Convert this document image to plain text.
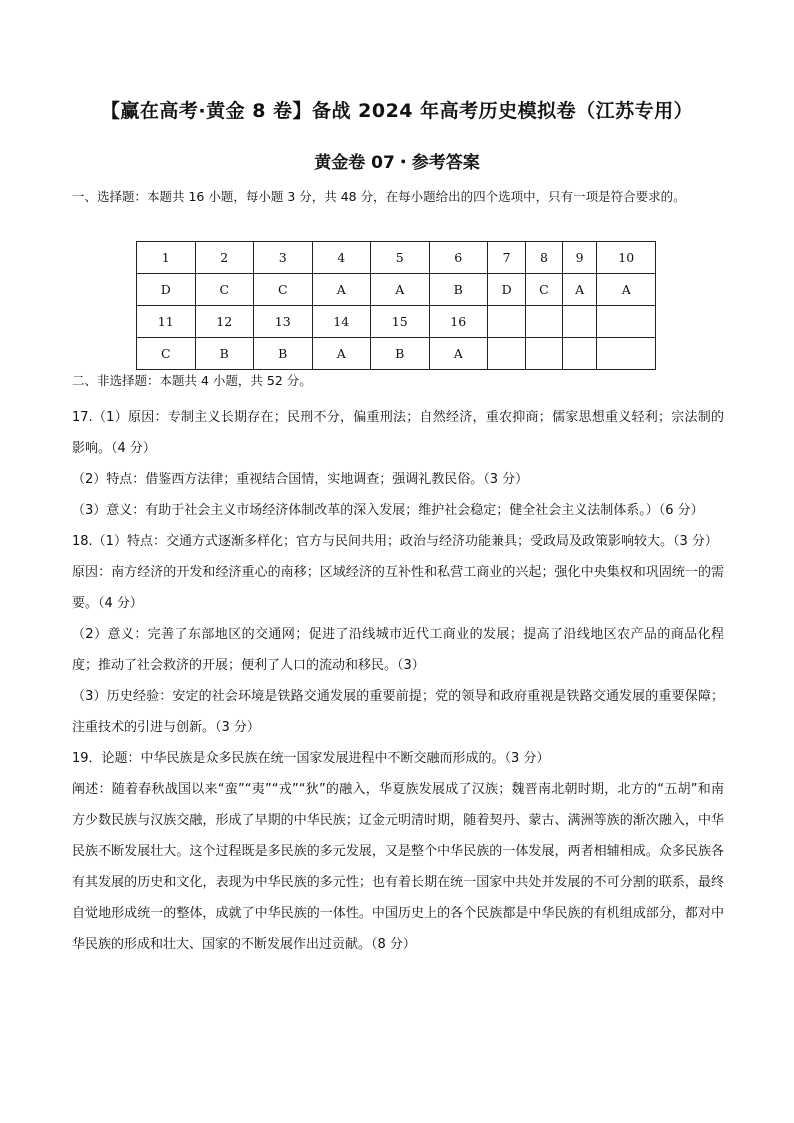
【赢在高考·黄金 8 卷】备战 2024 年高考历史模拟卷（江苏专用）
黄金卷 07・参考答案
一、选择题：本题共 16 小题，每小题 3 分，共 48 分，在每小题给出的四个选项中，只有一项是符合要求的。
1	2	3	4	5	6	7	8	9	10
D	C	C	A	A	B	D	C	A	A
11	12	13	14	15	16				
C	B	B	A	B	A				
二、非选择题：本题共 4 小题，共 52 分。

17.（1）原因：专制主义长期存在；民刑不分，偏重刑法；自然经济，重农抑商；儒家思想重义轻利；宗法制的影响。（4 分）

（2）特点：借鉴西方法律；重视结合国情，实地调查；强调礼教民俗。（3 分）

（3）意义：有助于社会主义市场经济体制改革的深入发展；维护社会稳定；健全社会主义法制体系。）（6 分）

18.（1）特点：交通方式逐渐多样化；官方与民间共用；政治与经济功能兼具；受政局及政策影响较大。（3 分）

原因：南方经济的开发和经济重心的南移；区域经济的互补性和私营工商业的兴起；强化中央集权和巩固统一的需要。（4 分）

（2）意义：完善了东部地区的交通网；促进了沿线城市近代工商业的发展；提高了沿线地区农产品的商品化程度；推动了社会救济的开展；便利了人口的流动和移民。（3）

（3）历史经验：安定的社会环境是铁路交通发展的重要前提；党的领导和政府重视是铁路交通发展的重要保障；注重技术的引进与创新。（3 分）

19．论题：中华民族是众多民族在统一国家发展进程中不断交融而形成的。（3 分）

阐述：随着春秋战国以来“蛮”“夷”“戎”“狄”的融入，华夏族发展成了汉族；魏晋南北朝时期，北方的“五胡”和南方少数民族与汉族交融，形成了早期的中华民族；辽金元明清时期，随着契丹、蒙古、满洲等族的渐次融入，中华民族不断发展壮大。这个过程既是多民族的多元发展，又是整个中华民族的一体发展，两者相辅相成。众多民族各有其发展的历史和文化，表现为中华民族的多元性；也有着长期在统一国家中共处并发展的不可分割的联系，最终自觉地形成统一的整体，成就了中华民族的一体性。中国历史上的各个民族都是中华民族的有机组成部分，都对中华民族的形成和壮大、国家的不断发展作出过贡献。（8 分）
